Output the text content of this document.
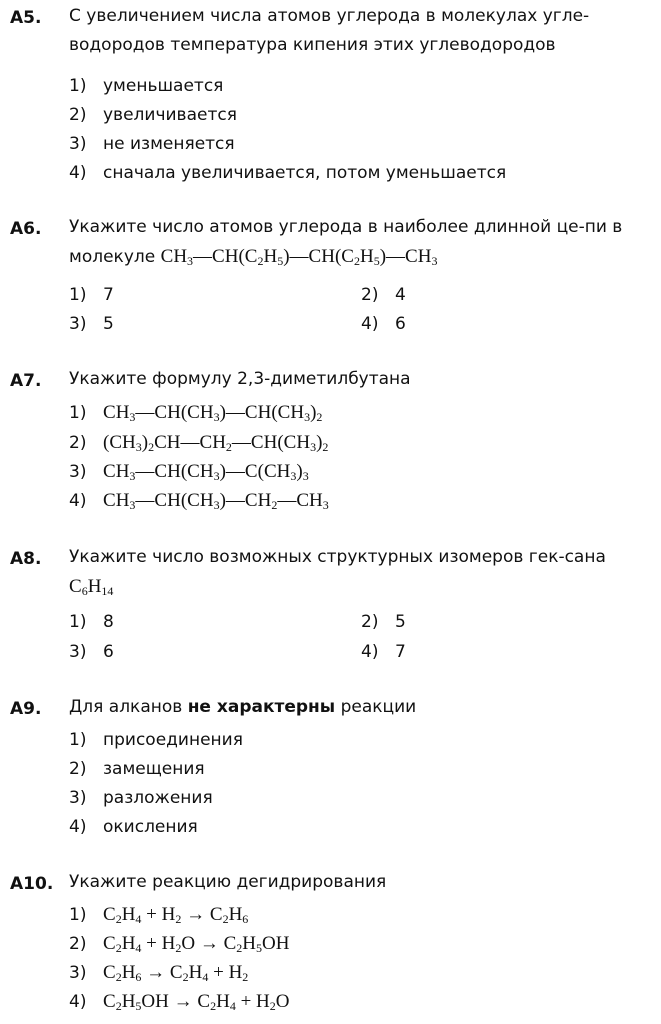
A5. С увеличением числа атомов углерода в молекулах угле-водородов температура кипения этих углеводородов
1) уменьшается
2) увеличивается
3) не изменяется
4) сначала увеличивается, потом уменьшается
A6. Укажите число атомов углерода в наиболее длинной це-пи в молекуле $CH_3—CH(C_2H_5)—CH(C_2H_5)—CH_3$
1) 7	2) 4
3) 5	4) 6
A7. Укажите формулу 2,3-диметилбутана
1) $CH_3—CH(CH_3)—CH(CH_3)_2$
2) $(CH_3)_2CH—CH_2—CH(CH_3)_2$
3) $CH_3—CH(CH_3)—C(CH_3)_3$
4) $CH_3—CH(CH_3)—CH_2—CH_3$
A8. Укажите число возможных структурных изомеров гек-сана $C_6H_{14}$
1) 8	2) 5
3) 6	4) 7
A9. Для алканов не характерны реакции
1) присоединения
2) замещения
3) разложения
4) окисления
A10. Укажите реакцию дегидрирования
1) $C_2H_4 + H_2 \to C_2H_6$
2) $C_2H_4 + H_2O \to C_2H_5OH$
3) $C_2H_6 \to C_2H_4 + H_2$
4) $C_2H_5OH \to C_2H_4 + H_2O$
